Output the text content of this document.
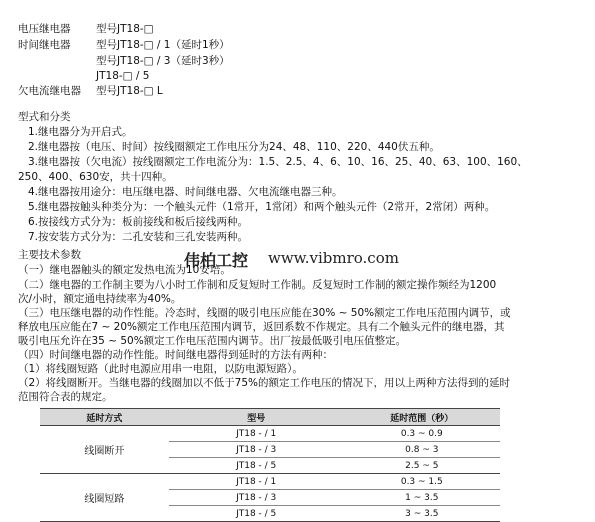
电压继电器 型号JT18-□
时间继电器 型号JT18-□ / 1（延时1秒）
型号JT18-□ / 3（延时3秒）
JT18-□ / 5
欠电流继电器 型号JT18-□ L
型式和分类
1.继电器分为开启式。
2.继电器按（电压、时间）按线圈额定工作电压分为24、48、110、220、440伏五种。
3.继电器按（欠电流）按线圈额定工作电流分为：1.5、2.5、4、6、10、16、25、40、63、100、160、
250、400、630安，共十四种。
4.继电器按用途分：电压继电器、时间继电器、欠电流继电器三种。
5.继电器按触头种类分为：一个触头元件（1常开，1常闭）和两个触头元件（2常开，2常闭）两种。
6.按接线方式分为：板前接线和板后接线两种。
7.按安装方式分为：二孔安装和三孔安装两种。
伟柏工控 www.vibmro.com
主要技术参数
（一）继电器触头的额定发热电流为10安培。
（二）继电器的工作制主要为八小时工作制和反复短时工作制。反复短时工作制的额定操作频经为1200
次/小时，额定通电持续率为40%。
（三）电压继电器的动作性能。冷态时，线圈的吸引电压应能在30% ~ 50%额定工作电压范围内调节，或
释放电压应能在7 ~ 20%额定工作电压范围内调节，返回系数不作规定。具有二个触头元件的继电器，其
吸引电压允许在35 ~ 50%额定工作电压范围内调节。出厂按最低吸引电压值整定。
（四）时间继电器的动作性能。时间继电器得到延时的方法有两种：
（1）将线圈短路（此时电源应用串一电阻，以防电源短路）。
（2）将线圈断开。当继电器的线圈加以不低于75%的额定工作电压的情况下，用以上两种方法得到的延时
范围符合表的规定。
延时方式	型号	延时范围（秒）
线圈断开	JT18 - / 1	0.3 ~ 0.9
	JT18 - / 3	0.8 ~ 3
	JT18 - / 5	2.5 ~ 5
线圈短路	JT18 - / 1	0.3 ~ 1.5
	JT18 - / 3	1 ~ 3.5
	JT18 - / 5	3 ~ 3.5
